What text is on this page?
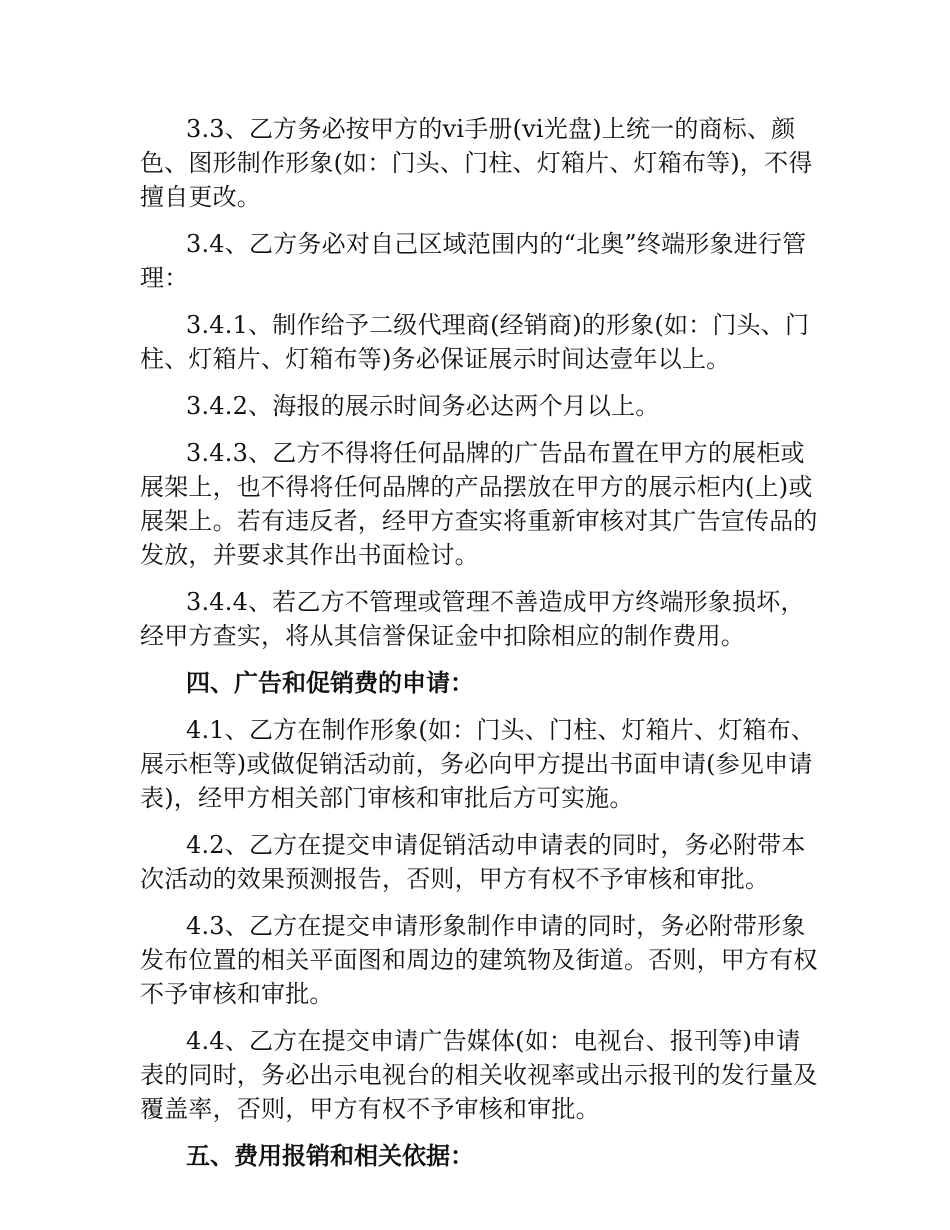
3.3、乙方务必按甲方的vi手册(vi光盘)上统一的商标、颜色、图形制作形象(如：门头、门柱、灯箱片、灯箱布等)，不得擅自更改。

3.4、乙方务必对自己区域范围内的“北奥”终端形象进行管理：

3.4.1、制作给予二级代理商(经销商)的形象(如：门头、门柱、灯箱片、灯箱布等)务必保证展示时间达壹年以上。

3.4.2、海报的展示时间务必达两个月以上。

3.4.3、乙方不得将任何品牌的广告品布置在甲方的展柜或展架上，也不得将任何品牌的产品摆放在甲方的展示柜内(上)或展架上。若有违反者，经甲方查实将重新审核对其广告宣传品的发放，并要求其作出书面检讨。

3.4.4、若乙方不管理或管理不善造成甲方终端形象损坏，经甲方查实，将从其信誉保证金中扣除相应的制作费用。

四、广告和促销费的申请：

4.1、乙方在制作形象(如：门头、门柱、灯箱片、灯箱布、展示柜等)或做促销活动前，务必向甲方提出书面申请(参见申请表)，经甲方相关部门审核和审批后方可实施。

4.2、乙方在提交申请促销活动申请表的同时，务必附带本次活动的效果预测报告，否则，甲方有权不予审核和审批。

4.3、乙方在提交申请形象制作申请的同时，务必附带形象发布位置的相关平面图和周边的建筑物及街道。否则，甲方有权不予审核和审批。

4.4、乙方在提交申请广告媒体(如：电视台、报刊等)申请表的同时，务必出示电视台的相关收视率或出示报刊的发行量及覆盖率，否则，甲方有权不予审核和审批。

五、费用报销和相关依据：
